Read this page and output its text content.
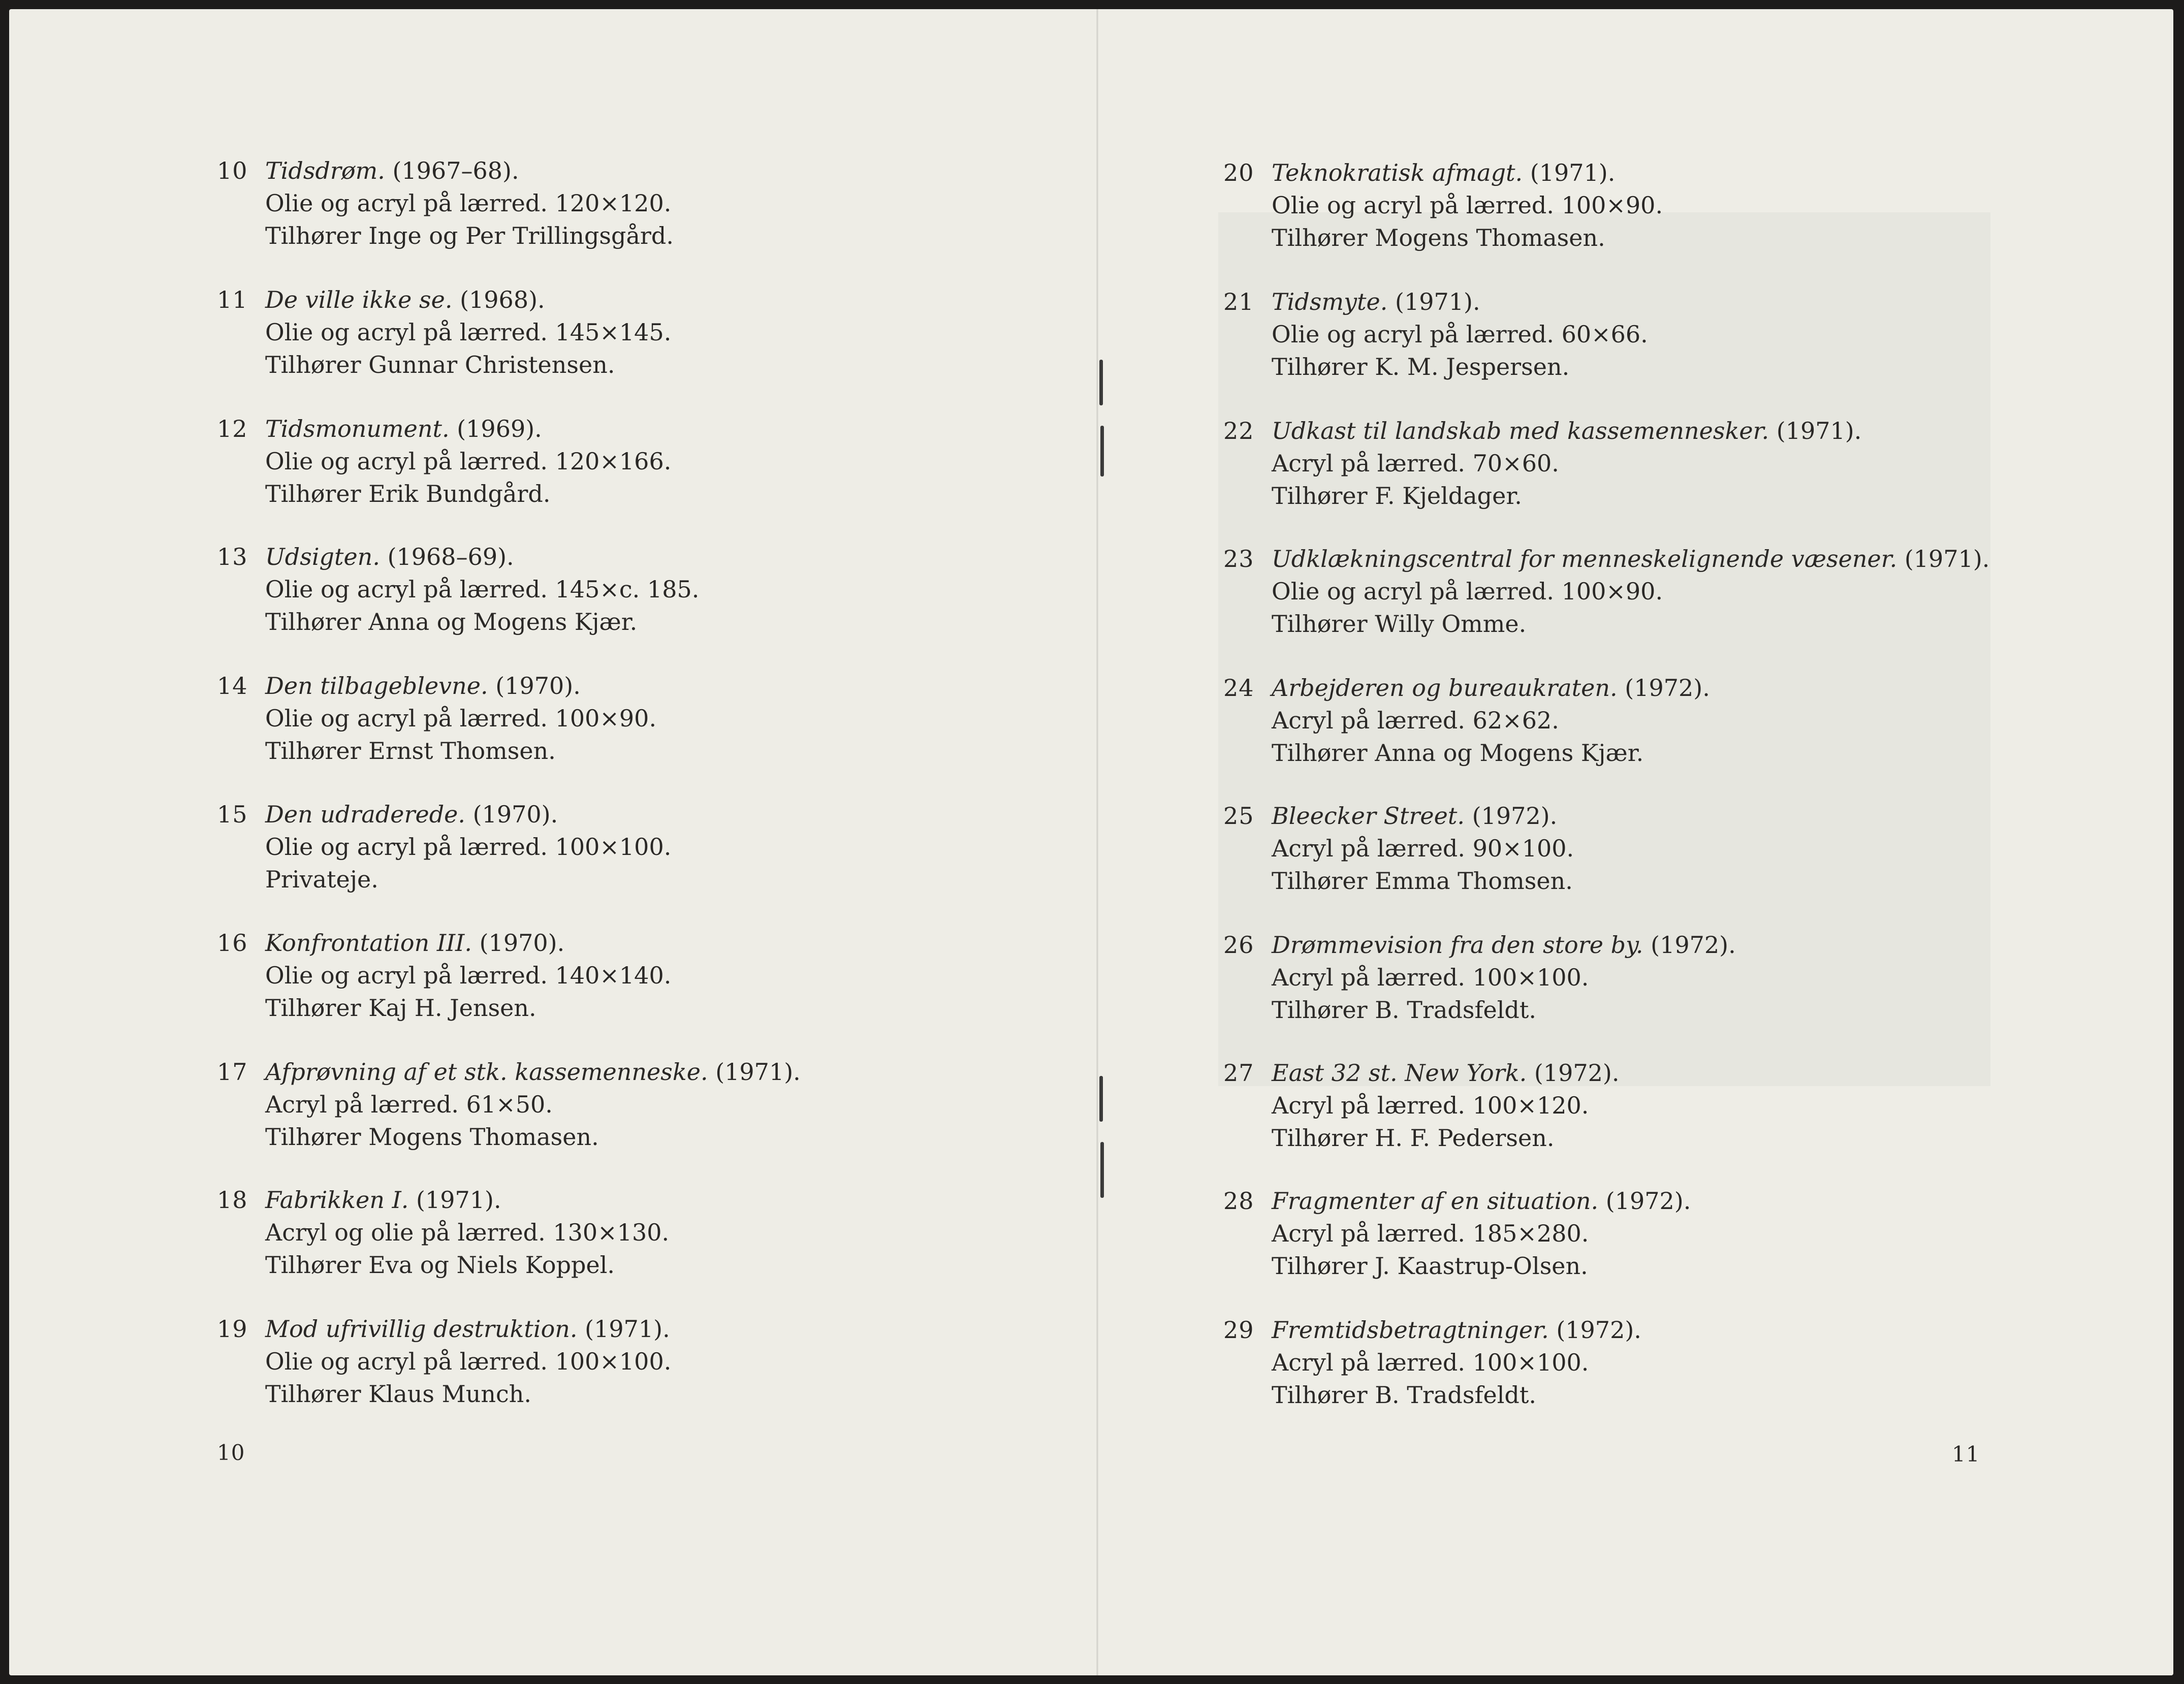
10 Tidsdrøm. (1967–68).
Olie og acryl på lærred. 120×120.
Tilhører Inge og Per Trillingsgård.
11 De ville ikke se. (1968).
Olie og acryl på lærred. 145×145.
Tilhører Gunnar Christensen.
12 Tidsmonument. (1969).
Olie og acryl på lærred. 120×166.
Tilhører Erik Bundgård.
13 Udsigten. (1968–69).
Olie og acryl på lærred. 145×c. 185.
Tilhører Anna og Mogens Kjær.
14 Den tilbageblevne. (1970).
Olie og acryl på lærred. 100×90.
Tilhører Ernst Thomsen.
15 Den udraderede. (1970).
Olie og acryl på lærred. 100×100.
Privateje.
16 Konfrontation III. (1970).
Olie og acryl på lærred. 140×140.
Tilhører Kaj H. Jensen.
17 Afprøvning af et stk. kassemenneske. (1971).
Acryl på lærred. 61×50.
Tilhører Mogens Thomasen.
18 Fabrikken I. (1971).
Acryl og olie på lærred. 130×130.
Tilhører Eva og Niels Koppel.
19 Mod ufrivillig destruktion. (1971).
Olie og acryl på lærred. 100×100.
Tilhører Klaus Munch.
10
20 Teknokratisk afmagt. (1971).
Olie og acryl på lærred. 100×90.
Tilhører Mogens Thomasen.
21 Tidsmyte. (1971).
Olie og acryl på lærred. 60×66.
Tilhører K. M. Jespersen.
22 Udkast til landskab med kassemennesker. (1971).
Acryl på lærred. 70×60.
Tilhører F. Kjeldager.
23 Udklækningscentral for menneskelignende væsener. (1971).
Olie og acryl på lærred. 100×90.
Tilhører Willy Omme.
24 Arbejderen og bureaukraten. (1972).
Acryl på lærred. 62×62.
Tilhører Anna og Mogens Kjær.
25 Bleecker Street. (1972).
Acryl på lærred. 90×100.
Tilhører Emma Thomsen.
26 Drømmevision fra den store by. (1972).
Acryl på lærred. 100×100.
Tilhører B. Tradsfeldt.
27 East 32 st. New York. (1972).
Acryl på lærred. 100×120.
Tilhører H. F. Pedersen.
28 Fragmenter af en situation. (1972).
Acryl på lærred. 185×280.
Tilhører J. Kaastrup-Olsen.
29 Fremtidsbetragtninger. (1972).
Acryl på lærred. 100×100.
Tilhører B. Tradsfeldt.
11
